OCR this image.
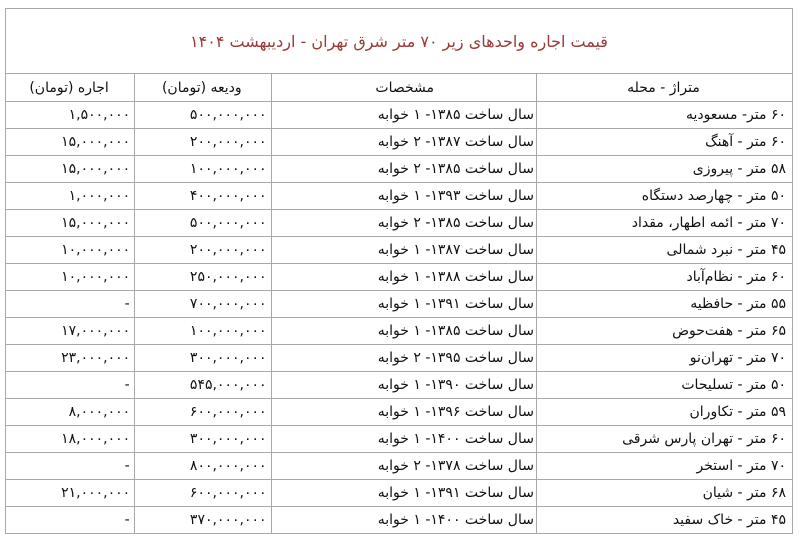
قیمت اجاره واحدهای زیر ۷۰ متر شرق تهران - اردیبهشت ۱۴۰۴			
متراژ - محله	مشخصات	ودیعه (تومان)	اجاره (تومان)
۶۰ متر- مسعودیه	سال ساخت ۱۳۸۵- ۱ خوابه	۵۰۰,۰۰۰,۰۰۰	۱,۵۰۰,۰۰۰

۶۰ متر - آهنگ	سال ساخت ۱۳۸۷- ۲ خوابه	۲۰۰,۰۰۰,۰۰۰	۱۵,۰۰۰,۰۰۰

۵۸ متر - پیروزی	سال ساخت ۱۳۸۵- ۲ خوابه	۱۰۰,۰۰۰,۰۰۰	۱۵,۰۰۰,۰۰۰

۵۰ متر - چهارصد دستگاه	سال ساخت ۱۳۹۳- ۱ خوابه	۴۰۰,۰۰۰,۰۰۰	۱,۰۰۰,۰۰۰

۷۰ متر - ائمه اطهار، مقداد	سال ساخت ۱۳۸۵- ۲ خوابه	۵۰۰,۰۰۰,۰۰۰	۱۵,۰۰۰,۰۰۰

۴۵ متر - نبرد شمالی	سال ساخت ۱۳۸۷- ۱ خوابه	۲۰۰,۰۰۰,۰۰۰	۱۰,۰۰۰,۰۰۰

۶۰ متر - نظام‌آباد	سال ساخت ۱۳۸۸- ۱ خوابه	۲۵۰,۰۰۰,۰۰۰	۱۰,۰۰۰,۰۰۰

۵۵ متر - حافظیه	سال ساخت ۱۳۹۱- ۱ خوابه	۷۰۰,۰۰۰,۰۰۰	-

۶۵ متر - هفت‌حوض	سال ساخت ۱۳۸۵- ۱ خوابه	۱۰۰,۰۰۰,۰۰۰	۱۷,۰۰۰,۰۰۰

۷۰ متر - تهران‌نو	سال ساخت ۱۳۹۵- ۲ خوابه	۳۰۰,۰۰۰,۰۰۰	۲۳,۰۰۰,۰۰۰

۵۰ متر - تسلیحات	سال ساخت ۱۳۹۰- ۱ خوابه	۵۴۵,۰۰۰,۰۰۰	-

۵۹ متر - تکاوران	سال ساخت ۱۳۹۶- ۱ خوابه	۶۰۰,۰۰۰,۰۰۰	۸,۰۰۰,۰۰۰

۶۰ متر - تهران پارس شرقی	سال ساخت ۱۴۰۰- ۱ خوابه	۳۰۰,۰۰۰,۰۰۰	۱۸,۰۰۰,۰۰۰

۷۰ متر - استخر	سال ساخت ۱۳۷۸- ۲ خوابه	۸۰۰,۰۰۰,۰۰۰	-

۶۸ متر - شیان	سال ساخت ۱۳۹۱- ۱ خوابه	۶۰۰,۰۰۰,۰۰۰	۲۱,۰۰۰,۰۰۰

۴۵ متر - خاک سفید	سال ساخت ۱۴۰۰- ۱ خوابه	۳۷۰,۰۰۰,۰۰۰	-
